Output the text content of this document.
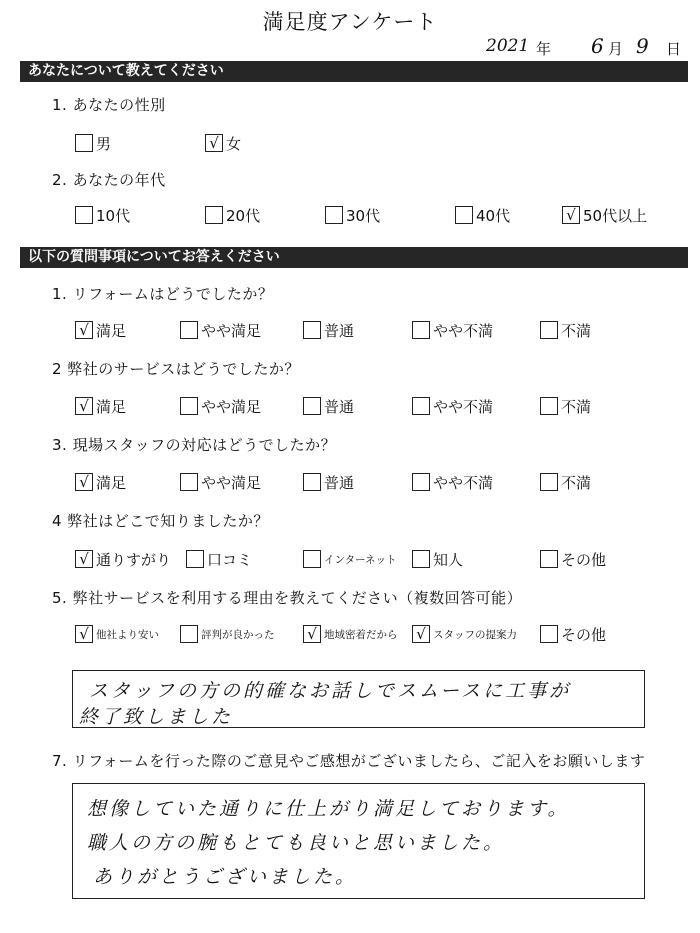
満足度アンケート
2021 年 6 月 9 日
あなたについて教えてください
1. あなたの性別
男	√ 女
2. あなたの年代
10代	20代	30代	40代	√ 50代以上
以下の質問事項についてお答えください
1. リフォームはどうでしたか？
√ 満足	やや満足	普通	やや不満	不満
2 弊社のサービスはどうでしたか？
√ 満足	やや満足	普通	やや不満	不満
3. 現場スタッフの対応はどうでしたか？
√ 満足	やや満足	普通	やや不満	不満
4 弊社はどこで知りましたか？
√ 通りすがり 口コミ	インターネット 知人	その他
5. 弊社サービスを利用する理由を教えてください（複数回答可能）
√ 他社より安い	評判が良かった √ 地域密着だから √ スタッフの提案力	その他
スタッフの方の的確なお話しでスムースに工事が
終了致しました
7. リフォームを行った際のご意見やご感想がございましたら、ご記入をお願いします
想像していた通りに仕上がり満足しております。
職人の方の腕もとても良いと思いました。
ありがとうございました。
